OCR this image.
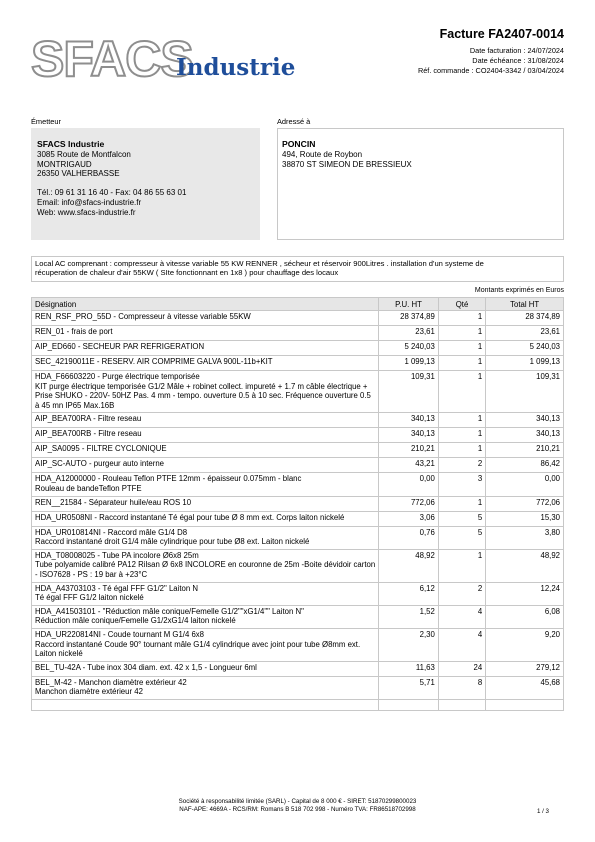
SFACS
Industrie
Facture FA2407-0014
Date facturation : 24/07/2024
Date échéance : 31/08/2024
Réf. commande : CO2404-3342 / 03/04/2024
Émetteur	Adressé à
SFACS Industrie
3085 Route de Montfalcon
MONTRIGAUD
26350 VALHERBASSE

Tél.: 09 61 31 16 40 - Fax: 04 86 55 63 01
Email: info@sfacs-industrie.fr
Web: www.sfacs-industrie.fr
PONCIN
494, Route de Roybon
38870 ST SIMEON DE BRESSIEUX
Local AC comprenant : compresseur à vitesse variable 55 KW RENNER , sécheur et réservoir 900Litres . installation d'un systeme de
récuperation de chaleur d'air 55KW ( SIte fonctionnant en 1x8 ) pour chauffage des locaux
Montants exprimés en Euros
Désignation	P.U. HT	Qté	Total HT
REN_RSF_PRO_55D - Compresseur à vitesse variable 55KW	28 374,89	1	28 374,89
REN_01 - frais de port	23,61	1	23,61
AIP_ED660 - SECHEUR PAR REFRIGERATION	5 240,03	1	5 240,03
SEC_42190011E - RESERV. AIR COMPRIME GALVA 900L-11b+KIT	1 099,13	1	1 099,13
HDA_F66603220 - Purge électrique temporisée
KIT purge électrique temporisée G1/2 Mâle + robinet collect. impureté + 1.7 m câble électrique + Prise SHUKO - 220V- 50HZ Pas. 4 mm - tempo. ouverture 0.5 à 10 sec. Fréquence ouverture 0.5 à 45 mn IP65 Max.16B	109,31	1	109,31
AIP_BEA700RA - Filtre reseau	340,13	1	340,13
AIP_BEA700RB - Filtre reseau	340,13	1	340,13
AIP_SA0095 - FILTRE CYCLONIQUE	210,21	1	210,21
AIP_SC-AUTO - purgeur auto interne	43,21	2	86,42
HDA_A12000000 - Rouleau Teflon PTFE 12mm - épaisseur 0.075mm - blanc
Rouleau de bandeTeflon PTFE	0,00	3	0,00
REN__21584 - Séparateur huile/eau ROS 10	772,06	1	772,06
HDA_UR0508NI - Raccord instantané Té égal pour tube Ø 8 mm ext. Corps laiton nickelé	3,06	5	15,30
HDA_UR010814NI - Raccord mâle G1/4 D8
Raccord instantané droit G1/4 mâle cylindrique pour tube Ø8 ext. Laiton nickelé	0,76	5	3,80
HDA_T08008025 - Tube PA incolore Ø6x8 25m
Tube polyamide calibré PA12 Rilsan Ø 6x8 INCOLORE en couronne de 25m -Boite dévidoir carton - ISO7628 - PS : 19 bar à +23°C	48,92	1	48,92
HDA_A43703103 - Té égal FFF G1/2" Laiton N
Té égal FFF G1/2 laiton nickelé	6,12	2	12,24
HDA_A41503101 - "Réduction mâle conique/Femelle G1/2""xG1/4"" Laiton N"
Réduction mâle conique/Femelle G1/2xG1/4 laiton nickelé	1,52	4	6,08
HDA_UR220814NI - Coude tournant M G1/4 6x8
Raccord instantané Coude 90° tournant mâle G1/4 cylindrique avec joint pour tube Ø8mm ext. Laiton nickelé	2,30	4	9,20
BEL_TU-42A - Tube inox 304 diam. ext. 42 x 1,5 - Longueur 6ml	11,63	24	279,12
BEL_M-42 - Manchon diamètre extérieur 42
Manchon diamètre extérieur 42	5,71	8	45,68

Société à responsabilité limitée (SARL) - Capital de 8 000 € - SIRET: 51870299800023
NAF-APE: 4669A - RCS/RM: Romans B 518 702 998 - Numéro TVA: FR86518702998	1 / 3
